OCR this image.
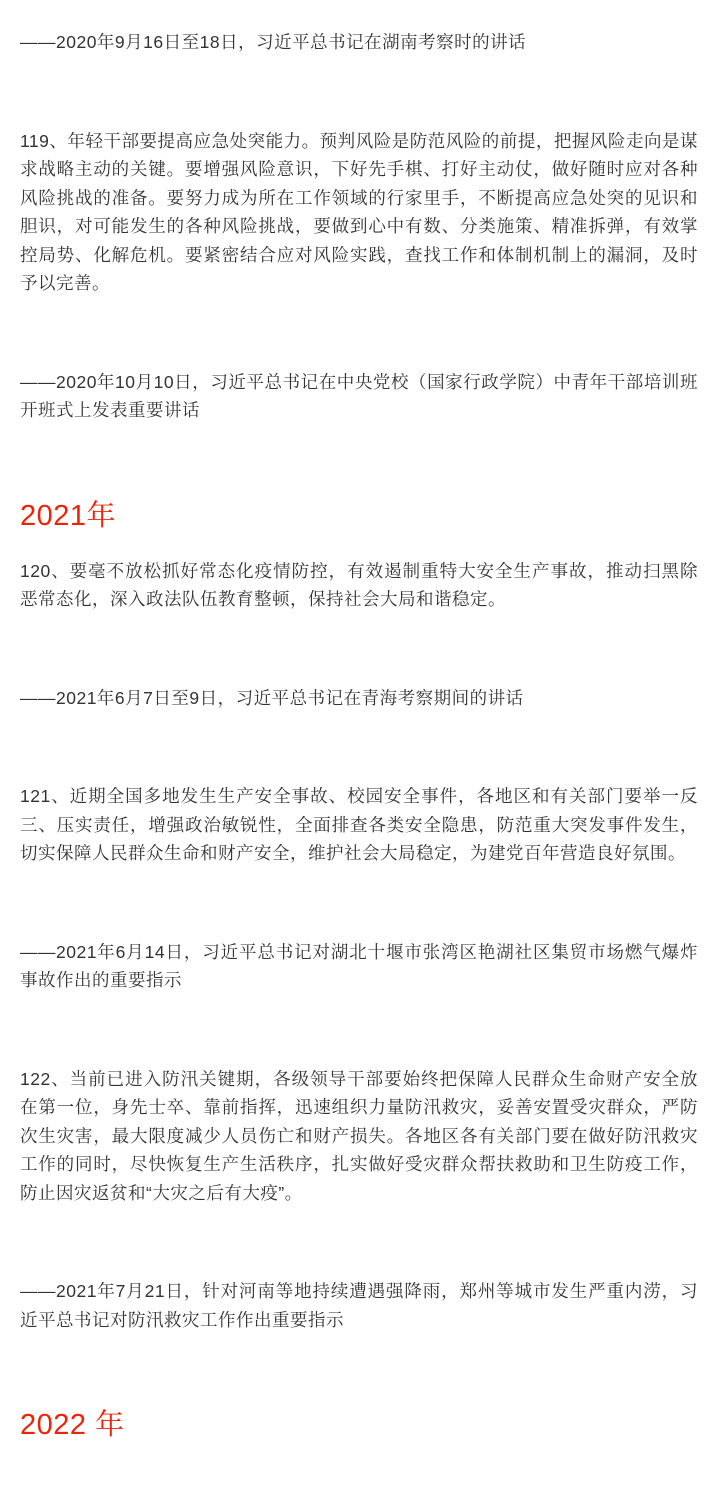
——2020年9月16日至18日，习近平总书记在湖南考察时的讲话

119、年轻干部要提高应急处突能力。预判风险是防范风险的前提，把握风险走向是谋求战略主动的关键。要增强风险意识，下好先手棋、打好主动仗，做好随时应对各种风险挑战的准备。要努力成为所在工作领域的行家里手，不断提高应急处突的见识和胆识，对可能发生的各种风险挑战，要做到心中有数、分类施策、精准拆弹，有效掌控局势、化解危机。要紧密结合应对风险实践，查找工作和体制机制上的漏洞，及时予以完善。

——2020年10月10日，习近平总书记在中央党校（国家行政学院）中青年干部培训班开班式上发表重要讲话

2021年

120、要毫不放松抓好常态化疫情防控，有效遏制重特大安全生产事故，推动扫黑除恶常态化，深入政法队伍教育整顿，保持社会大局和谐稳定。

——2021年6月7日至9日，习近平总书记在青海考察期间的讲话

121、近期全国多地发生生产安全事故、校园安全事件，各地区和有关部门要举一反三、压实责任，增强政治敏锐性，全面排查各类安全隐患，防范重大突发事件发生，切实保障人民群众生命和财产安全，维护社会大局稳定，为建党百年营造良好氛围。

——2021年6月14日，习近平总书记对湖北十堰市张湾区艳湖社区集贸市场燃气爆炸事故作出的重要指示

122、当前已进入防汛关键期，各级领导干部要始终把保障人民群众生命财产安全放在第一位，身先士卒、靠前指挥，迅速组织力量防汛救灾，妥善安置受灾群众，严防次生灾害，最大限度减少人员伤亡和财产损失。各地区各有关部门要在做好防汛救灾工作的同时，尽快恢复生产生活秩序，扎实做好受灾群众帮扶救助和卫生防疫工作，防止因灾返贫和“大灾之后有大疫”。

——2021年7月21日，针对河南等地持续遭遇强降雨，郑州等城市发生严重内涝，习近平总书记对防汛救灾工作作出重要指示

2022 年
